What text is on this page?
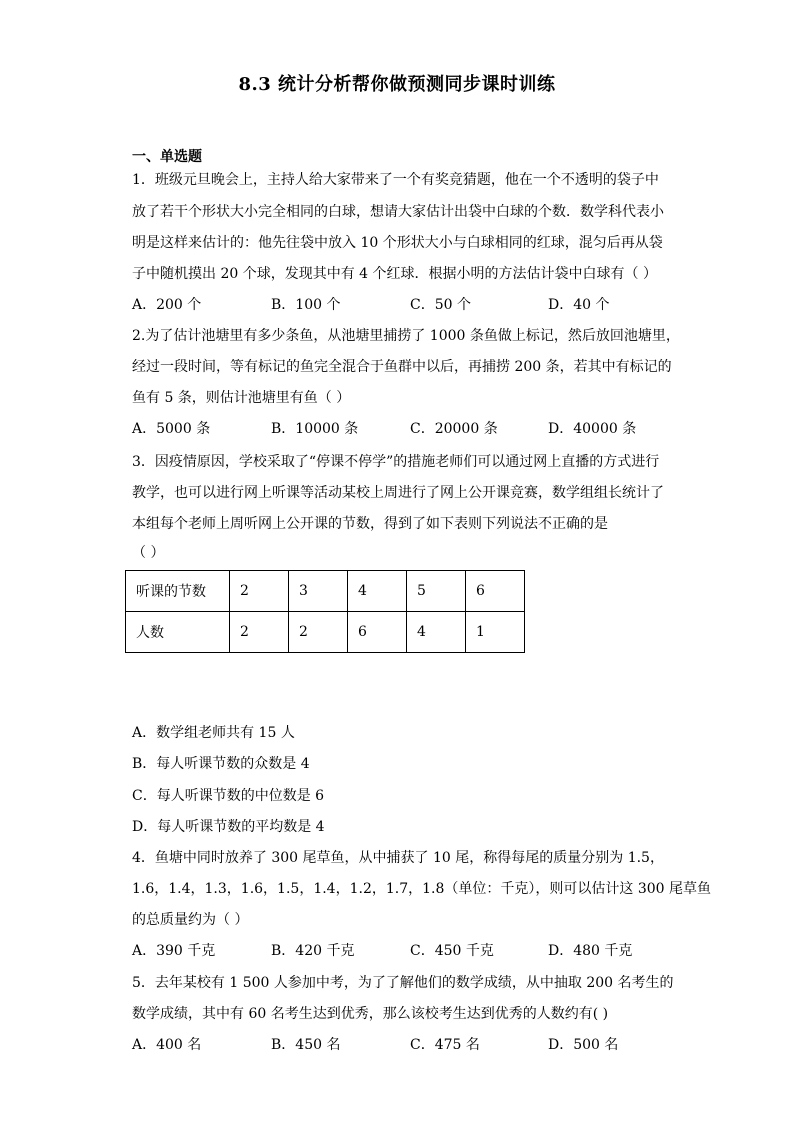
8.3 统计分析帮你做预测同步课时训练
一、单选题
1．班级元旦晚会上，主持人给大家带来了一个有奖竞猜题，他在一个不透明的袋子中
放了若干个形状大小完全相同的白球，想请大家估计出袋中白球的个数．数学科代表小
明是这样来估计的：他先往袋中放入 10 个形状大小与白球相同的红球，混匀后再从袋
子中随机摸出 20 个球，发现其中有 4 个红球．根据小明的方法估计袋中白球有（ ）
A．200 个	B．100 个	C．50 个	D．40 个
2.为了估计池塘里有多少条鱼，从池塘里捕捞了 1000 条鱼做上标记，然后放回池塘里，
经过一段时间，等有标记的鱼完全混合于鱼群中以后，再捕捞 200 条，若其中有标记的
鱼有 5 条，则估计池塘里有鱼（ ）
A．5000 条	B．10000 条	C．20000 条	D．40000 条
3．因疫情原因，学校采取了“停课不停学”的措施老师们可以通过网上直播的方式进行
教学，也可以进行网上听课等活动某校上周进行了网上公开课竞赛，数学组组长统计了
本组每个老师上周听网上公开课的节数，得到了如下表则下列说法不正确的是
（ ）
听课的节数	2	3	4	5	6
人数	2	2	6	4	1
A．数学组老师共有 15 人
B．每人听课节数的众数是 4
C．每人听课节数的中位数是 6
D．每人听课节数的平均数是 4
4．鱼塘中同时放养了 300 尾草鱼，从中捕获了 10 尾，称得每尾的质量分别为 1.5，
1.6，1.4，1.3，1.6，1.5，1.4，1.2，1.7，1.8（单位：千克），则可以估计这 300 尾草鱼
的总质量约为（ ）
A．390 千克	B．420 千克	C．450 千克	D．480 千克
5．去年某校有 1 500 人参加中考，为了了解他们的数学成绩，从中抽取 200 名考生的
数学成绩，其中有 60 名考生达到优秀，那么该校考生达到优秀的人数约有( )
A．400 名	B．450 名	C．475 名	D．500 名
